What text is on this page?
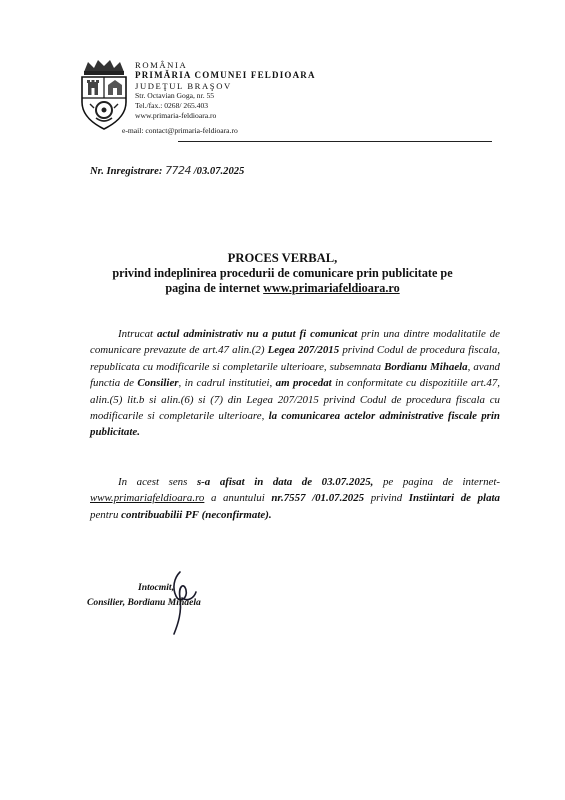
ROMÂNIA
PRIMĂRIA COMUNEI FELDIOARA
JUDEŢUL BRAŞOV
Str. Octavian Goga, nr. 55
Tel./fax.: 0268/ 265.403
www.primaria-feldioara.ro
e-mail: contact@primaria-feldioara.ro
Nr. Inregistrare: 7724 /03.07.2025
PROCES VERBAL,
privind indeplinirea procedurii de comunicare prin publicitate pe
pagina de internet www.primariafeldioara.ro
Intrucat actul administrativ nu a putut fi comunicat prin una dintre modalitatile de comunicare prevazute de art.47 alin.(2) Legea 207/2015 privind Codul de procedura fiscala, republicata cu modificarile si completarile ulterioare, subsemnata Bordianu Mihaela, avand functia de Consilier, in cadrul institutiei, am procedat in conformitate cu dispozitiile art.47, alin.(5) lit.b si alin.(6) si (7) din Legea 207/2015 privind Codul de procedura fiscala cu modificarile si completarile ulterioare, la comunicarea actelor administrative fiscale prin publicitate.
In acest sens s-a afisat in data de 03.07.2025, pe pagina de internet-www.primariafeldioara.ro a anuntului nr.7557 /01.07.2025 privind Instiintari de plata pentru contribuabilii PF (neconfirmate).
Intocmit,
Consilier, Bordianu Mihaela
